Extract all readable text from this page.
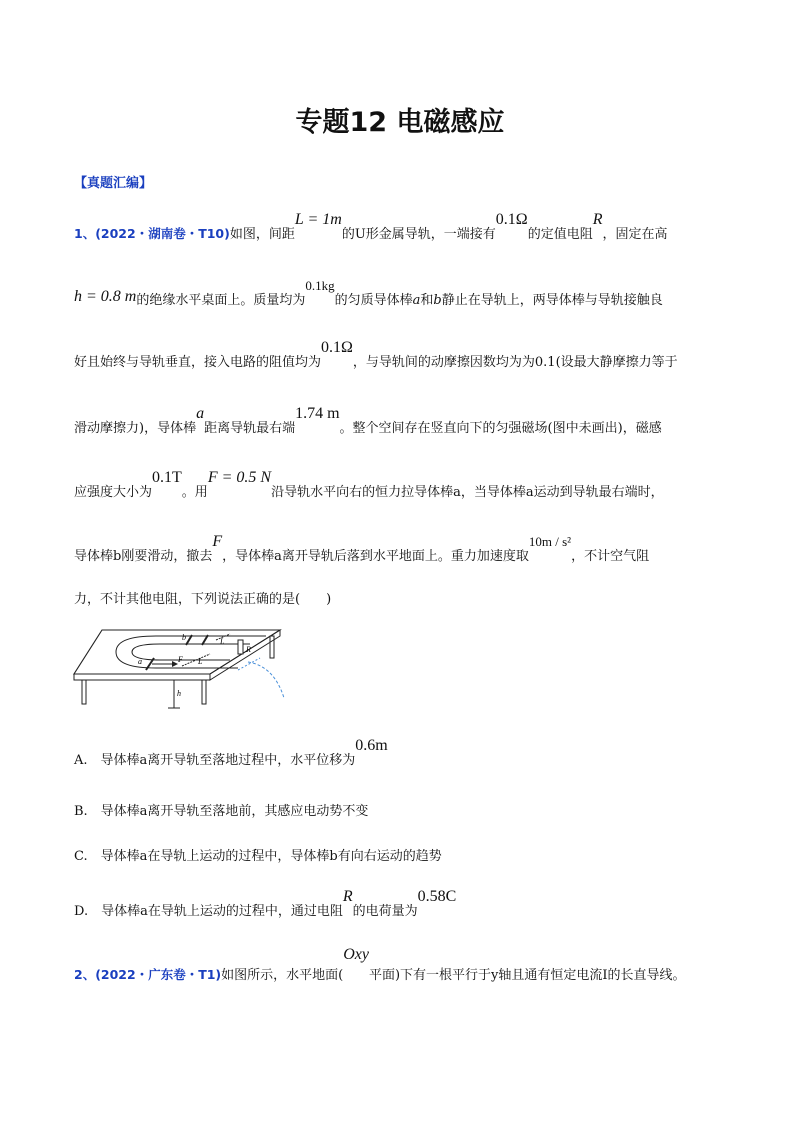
专题12 电磁感应
【真题汇编】
1、(2022・湖南卷・T10)如图，间距L = 1m的U形金属导轨，一端接有0.1Ω的定值电阻R，固定在高
h = 0.8 m的绝缘水平桌面上。质量均为0.1kg的匀质导体棒a和b静止在导轨上，两导体棒与导轨接触良
好且始终与导轨垂直，接入电路的阻值均为0.1Ω，与导轨间的动摩擦因数均为为0.1(设最大静摩擦力等于
滑动摩擦力)，导体棒a距离导轨最右端1.74 m。整个空间存在竖直向下的匀强磁场(图中未画出)，磁感
应强度大小为0.1T。用F = 0.5 N沿导轨水平向右的恒力拉导体棒a，当导体棒a运动到导轨最右端时，
导体棒b刚要滑动，撤去F，导体棒a离开导轨后落到水平地面上。重力加速度取10m / s²，不计空气阻
力，不计其他电阻，下列说法正确的是(　　)
b
a	F L
L
R
h
A.　导体棒a离开导轨至落地过程中，水平位移为0.6m
B.　导体棒a离开导轨至落地前，其感应电动势不变
C.　导体棒a在导轨上运动的过程中，导体棒b有向右运动的趋势
D.　导体棒a在导轨上运动的过程中，通过电阻R的电荷量为0.58C
2、(2022・广东卷・T1)如图所示，水平地面(Oxy平面)下有一根平行于y轴且通有恒定电流I的长直导线。
